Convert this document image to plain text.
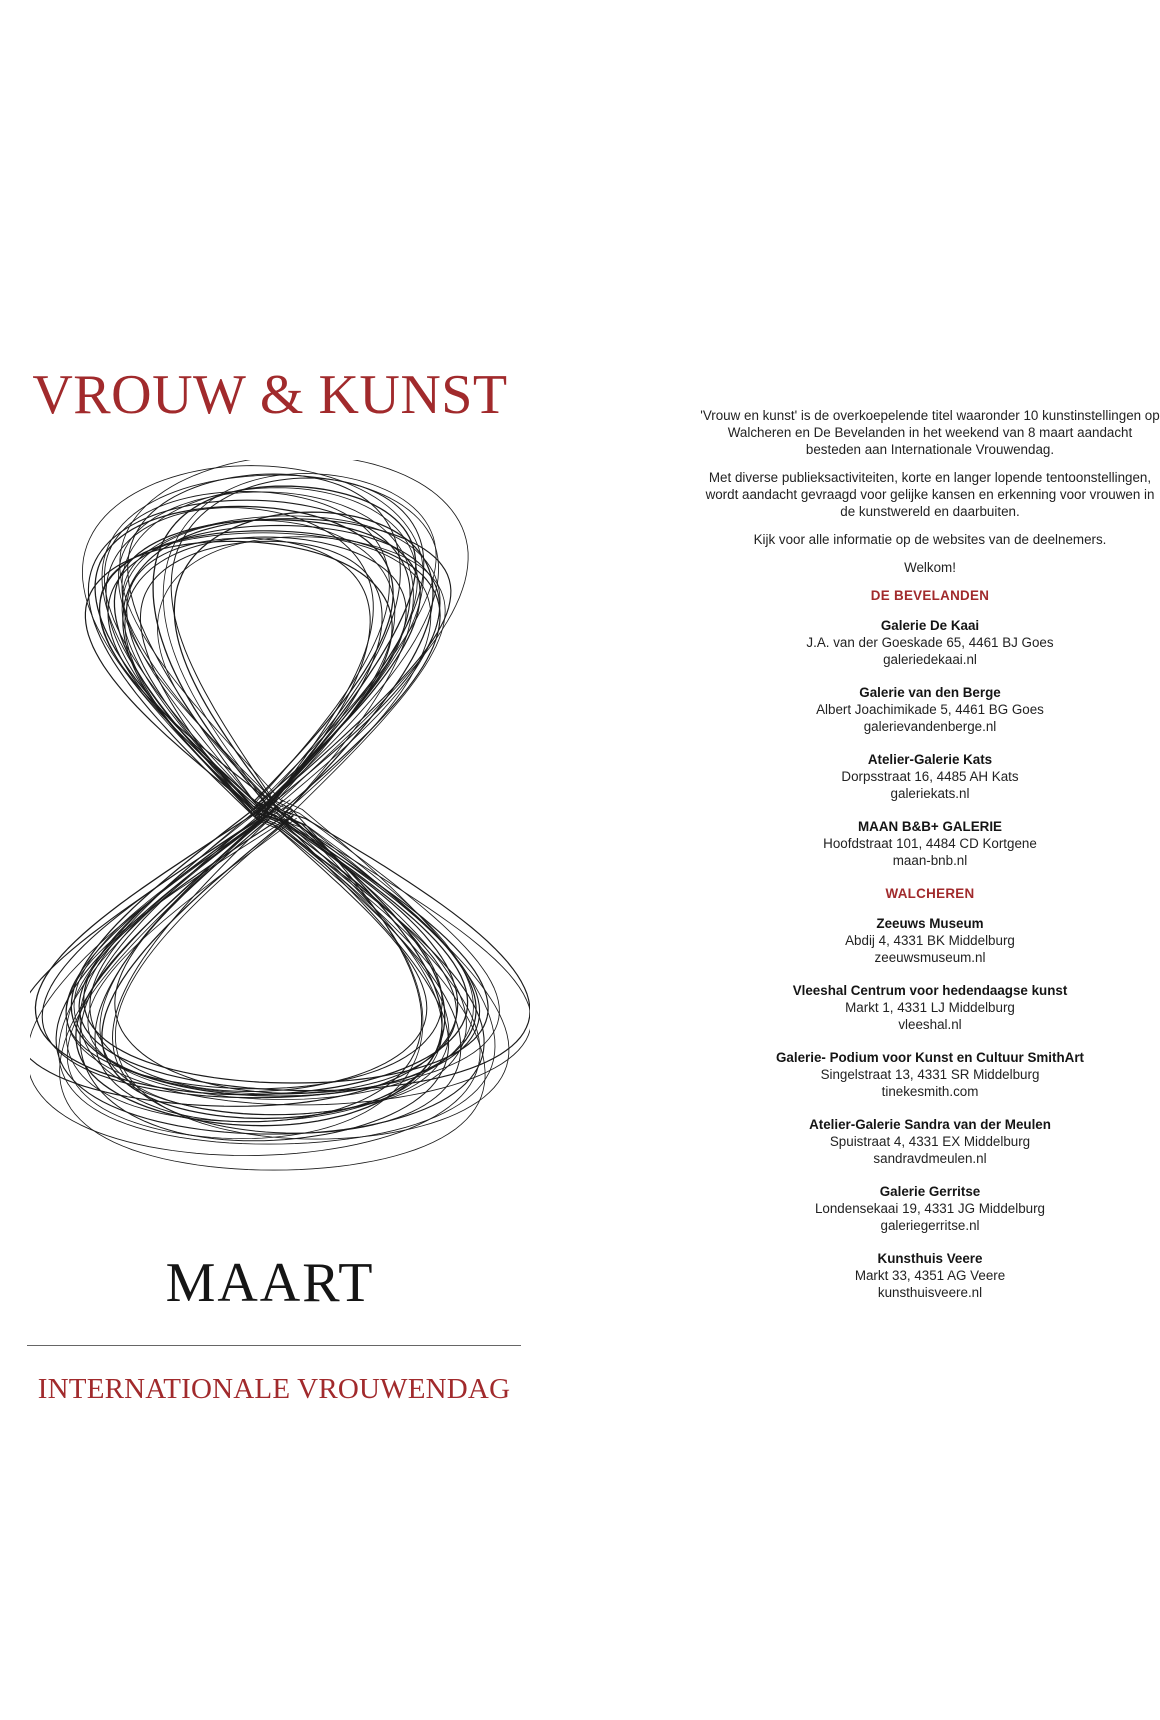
VROUW & KUNST
MAART
INTERNATIONALE VROUWENDAG

'Vrouw en kunst' is de overkoepelende titel waaronder 10 kunstinstellingen op Walcheren en De Bevelanden in het weekend van 8 maart aandacht besteden aan Internationale Vrouwendag.

Met diverse publieksactiviteiten, korte en langer lopende tentoonstellingen, wordt aandacht gevraagd voor gelijke kansen en erkenning voor vrouwen in de kunstwereld en daarbuiten.

Kijk voor alle informatie op de websites van de deelnemers.

Welkom!

DE BEVELANDEN
Galerie De Kaai
J.A. van der Goeskade 65, 4461 BJ Goes
galeriedekaai.nl
Galerie van den Berge
Albert Joachimikade 5, 4461 BG Goes
galerievandenberge.nl
Atelier-Galerie Kats
Dorpsstraat 16, 4485 AH Kats
galeriekats.nl
MAAN B&B+ GALERIE
Hoofdstraat 101, 4484 CD Kortgene
maan-bnb.nl
WALCHEREN
Zeeuws Museum
Abdij 4, 4331 BK Middelburg
zeeuwsmuseum.nl
Vleeshal Centrum voor hedendaagse kunst
Markt 1, 4331 LJ Middelburg
vleeshal.nl
Galerie- Podium voor Kunst en Cultuur SmithArt
Singelstraat 13, 4331 SR Middelburg
tinekesmith.com
Atelier-Galerie Sandra van der Meulen
Spuistraat 4, 4331 EX Middelburg
sandravdmeulen.nl
Galerie Gerritse
Londensekaai 19, 4331 JG Middelburg
galeriegerritse.nl
Kunsthuis Veere
Markt 33, 4351 AG Veere
kunsthuisveere.nl
